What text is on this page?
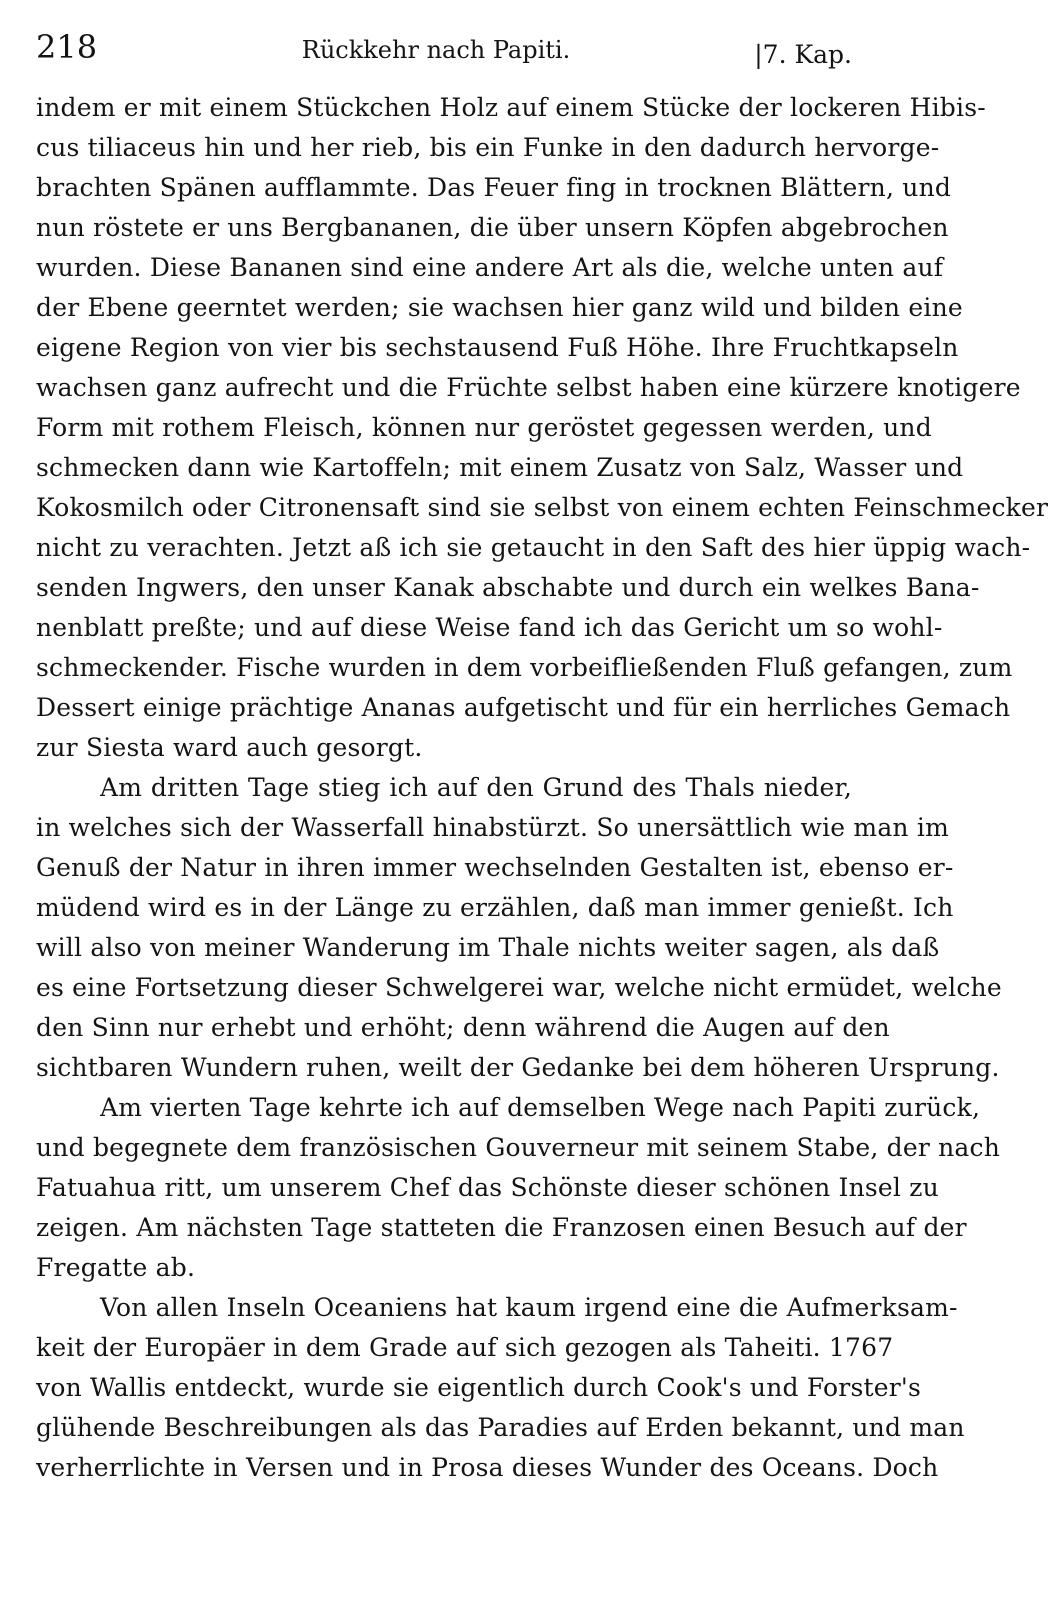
218	Rückkehr nach Papiti.	|7. Kap.
indem er mit einem Stückchen Holz auf einem Stücke der lockeren Hibis-
cus tiliaceus hin und her rieb, bis ein Funke in den dadurch hervorge-
brachten Spänen aufflammte. Das Feuer fing in trocknen Blättern, und
nun röstete er uns Bergbananen, die über unsern Köpfen abgebrochen
wurden. Diese Bananen sind eine andere Art als die, welche unten auf
der Ebene geerntet werden; sie wachsen hier ganz wild und bilden eine
eigene Region von vier bis sechstausend Fuß Höhe. Ihre Fruchtkapseln
wachsen ganz aufrecht und die Früchte selbst haben eine kürzere knotigere
Form mit rothem Fleisch, können nur geröstet gegessen werden, und
schmecken dann wie Kartoffeln; mit einem Zusatz von Salz, Wasser und
Kokosmilch oder Citronensaft sind sie selbst von einem echten Feinschmecker
nicht zu verachten. Jetzt aß ich sie getaucht in den Saft des hier üppig wach-
senden Ingwers, den unser Kanak abschabte und durch ein welkes Bana-
nenblatt preßte; und auf diese Weise fand ich das Gericht um so wohl-
schmeckender. Fische wurden in dem vorbeifließenden Fluß gefangen, zum
Dessert einige prächtige Ananas aufgetischt und für ein herrliches Gemach
zur Siesta ward auch gesorgt.
Am dritten Tage stieg ich auf den Grund des Thals nieder,
in welches sich der Wasserfall hinabstürzt. So unersättlich wie man im
Genuß der Natur in ihren immer wechselnden Gestalten ist, ebenso er-
müdend wird es in der Länge zu erzählen, daß man immer genießt. Ich
will also von meiner Wanderung im Thale nichts weiter sagen, als daß
es eine Fortsetzung dieser Schwelgerei war, welche nicht ermüdet, welche
den Sinn nur erhebt und erhöht; denn während die Augen auf den
sichtbaren Wundern ruhen, weilt der Gedanke bei dem höheren Ursprung.
Am vierten Tage kehrte ich auf demselben Wege nach Papiti zurück,
und begegnete dem französischen Gouverneur mit seinem Stabe, der nach
Fatuahua ritt, um unserem Chef das Schönste dieser schönen Insel zu
zeigen. Am nächsten Tage statteten die Franzosen einen Besuch auf der
Fregatte ab.
Von allen Inseln Oceaniens hat kaum irgend eine die Aufmerksam-
keit der Europäer in dem Grade auf sich gezogen als Taheiti. 1767
von Wallis entdeckt, wurde sie eigentlich durch Cook's und Forster's
glühende Beschreibungen als das Paradies auf Erden bekannt, und man
verherrlichte in Versen und in Prosa dieses Wunder des Oceans. Doch
